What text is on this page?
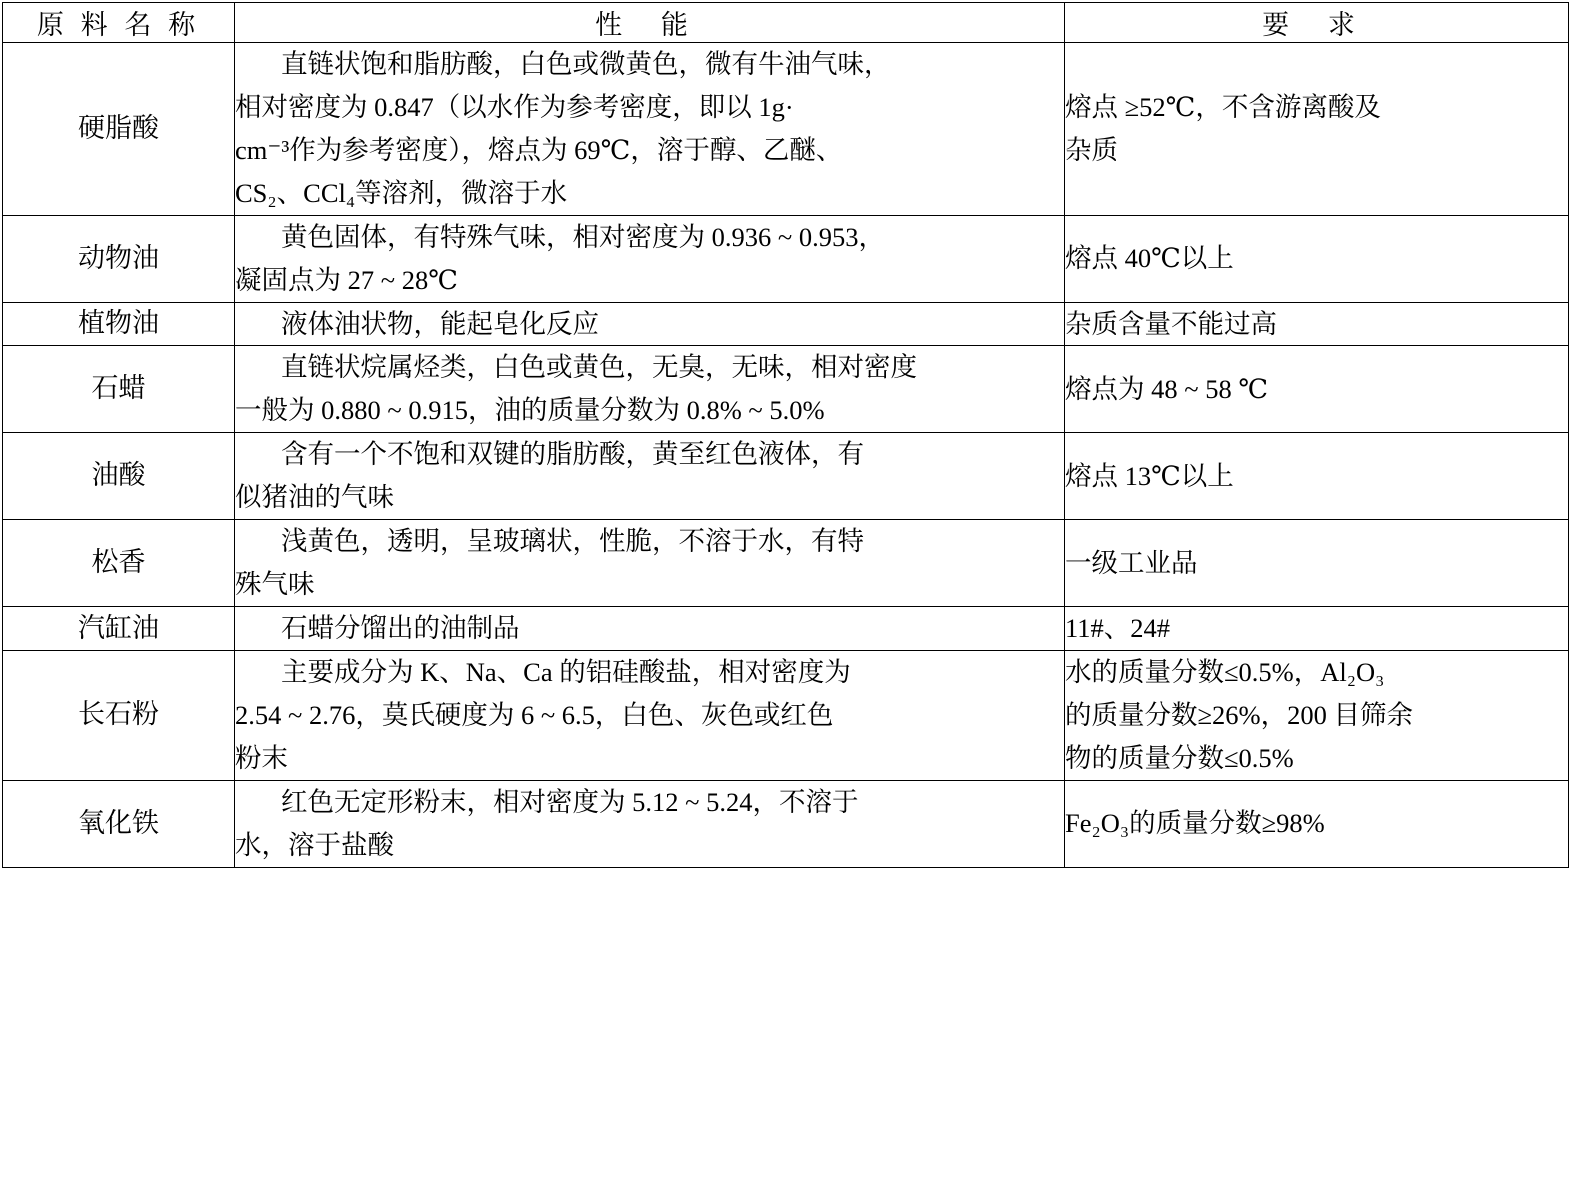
原 料 名 称	性 能	要 求
硬脂酸	直链状饱和脂肪酸，白色或微黄色，微有牛油气味，
相对密度为 0.847（以水作为参考密度，即以 1g·
cm⁻³作为参考密度），熔点为 69℃，溶于醇、乙醚、
CS₂、CCl₄等溶剂，微溶于水	熔点 ≥52℃，不含游离酸及
杂质

动物油	黄色固体，有特殊气味，相对密度为 0.936 ~ 0.953，
凝固点为 27 ~ 28℃	熔点 40℃以上

植物油	液体油状物，能起皂化反应	杂质含量不能过高

石蜡	直链状烷属烃类，白色或黄色，无臭，无味，相对密度
一般为 0.880 ~ 0.915，油的质量分数为 0.8% ~ 5.0%	熔点为 48 ~ 58 ℃

油酸	含有一个不饱和双键的脂肪酸，黄至红色液体，有
似猪油的气味	熔点 13℃以上

松香	浅黄色，透明，呈玻璃状，性脆，不溶于水，有特
殊气味	一级工业品

汽缸油	石蜡分馏出的油制品	11#、24#

长石粉	主要成分为 K、Na、Ca 的铝硅酸盐，相对密度为
2.54 ~ 2.76，莫氏硬度为 6 ~ 6.5，白色、灰色或红色
粉末	水的质量分数≤0.5%，Al₂O₃
的质量分数≥26%，200 目筛余
物的质量分数≤0.5%

氧化铁	红色无定形粉末，相对密度为 5.12 ~ 5.24，不溶于
水，溶于盐酸	Fe₂O₃的质量分数≥98%
